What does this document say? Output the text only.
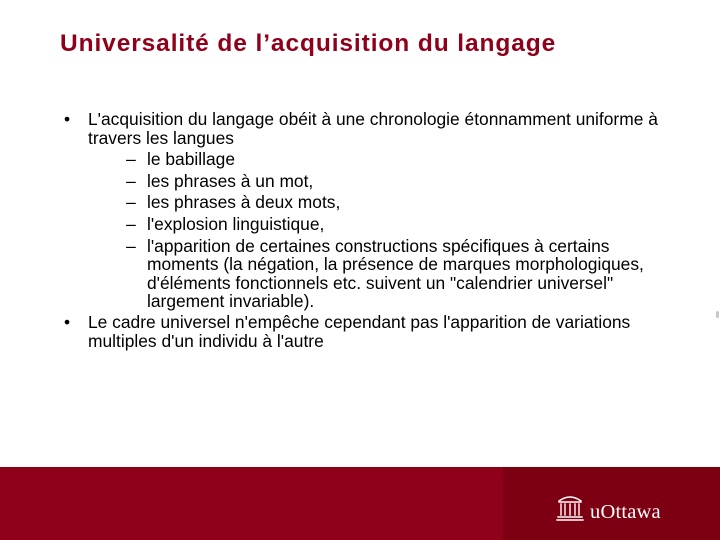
Universalité de l’acquisition du langage
• L'acquisition du langage obéit à une chronologie étonnamment uniforme à travers les langues
– le babillage
– les phrases à un mot,
– les phrases à deux mots,
– l'explosion linguistique,
– l'apparition de certaines constructions spécifiques à certains moments (la négation, la présence de marques morphologiques, d'éléments fonctionnels etc. suivent un "calendrier universel" largement invariable).
• Le cadre universel n'empêche cependant pas l'apparition de variations multiples d'un individu à l'autre
uOttawa
